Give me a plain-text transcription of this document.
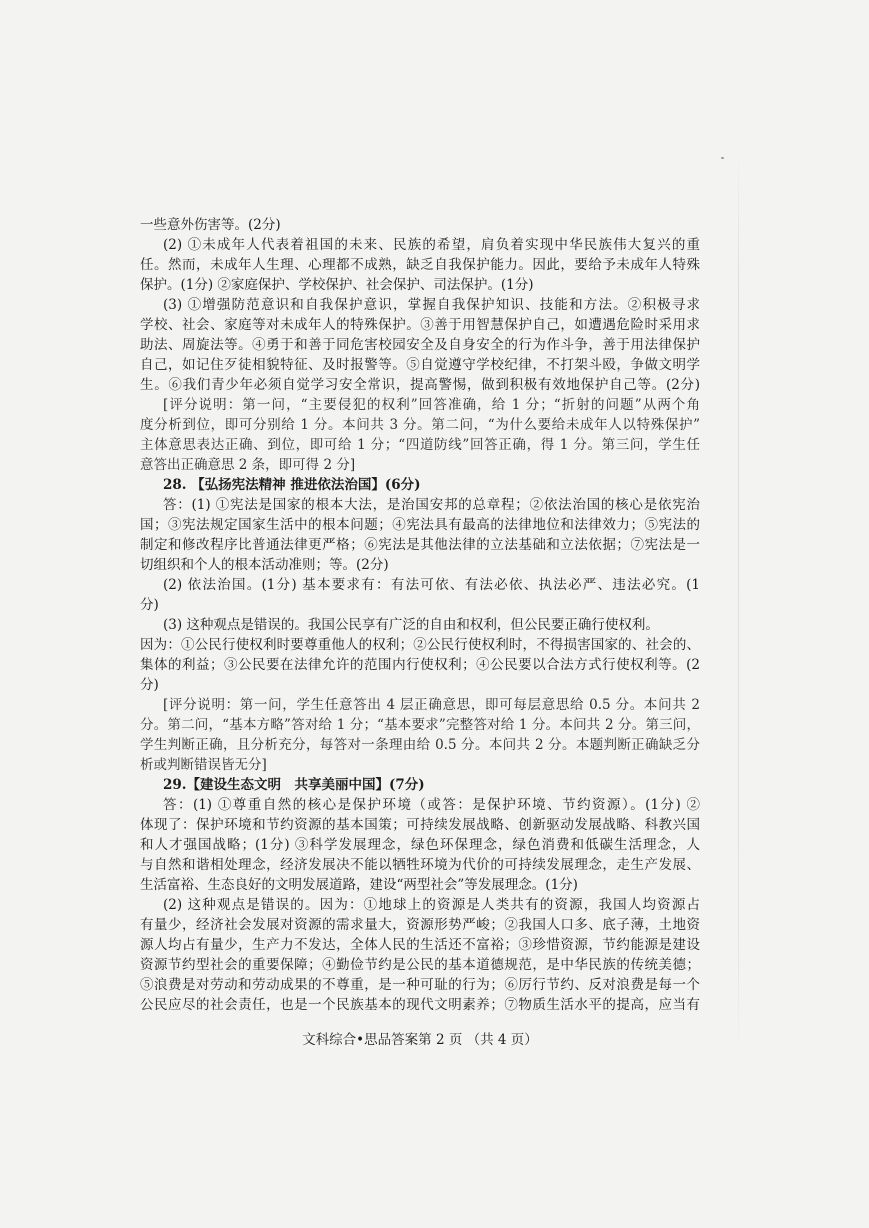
一些意外伤害等。(2分)
(2) ①未成年人代表着祖国的未来、民族的希望，肩负着实现中华民族伟大复兴的重
任。然而，未成年人生理、心理都不成熟，缺乏自我保护能力。因此，要给予未成年人特殊
保护。(1分) ②家庭保护、学校保护、社会保护、司法保护。(1分)
(3) ①增强防范意识和自我保护意识，掌握自我保护知识、技能和方法。②积极寻求
学校、社会、家庭等对未成年人的特殊保护。③善于用智慧保护自己，如遭遇危险时采用求
助法、周旋法等。④勇于和善于同危害校园安全及自身安全的行为作斗争，善于用法律保护
自己，如记住歹徒相貌特征、及时报警等。⑤自觉遵守学校纪律，不打架斗殴，争做文明学
生。⑥我们青少年必须自觉学习安全常识，提高警惕，做到积极有效地保护自己等。(2分)
[评分说明：第一问，“主要侵犯的权利”回答准确，给 1 分；“折射的问题”从两个角
度分析到位，即可分别给 1 分。本问共 3 分。第二问，“为什么要给未成年人以特殊保护”
主体意思表达正确、到位，即可给 1 分；“四道防线”回答正确，得 1 分。第三问，学生任
意答出正确意思 2 条，即可得 2 分]
28. 【弘扬宪法精神 推进依法治国】(6分)
答：(1) ①宪法是国家的根本大法，是治国安邦的总章程；②依法治国的核心是依宪治
国；③宪法规定国家生活中的根本问题；④宪法具有最高的法律地位和法律效力；⑤宪法的
制定和修改程序比普通法律更严格；⑥宪法是其他法律的立法基础和立法依据；⑦宪法是一
切组织和个人的根本活动准则；等。(2分)
(2) 依法治国。(1分) 基本要求有：有法可依、有法必依、执法必严、违法必究。(1
分)
(3) 这种观点是错误的。我国公民享有广泛的自由和权利，但公民要正确行使权利。
因为：①公民行使权利时要尊重他人的权利；②公民行使权利时，不得损害国家的、社会的、
集体的利益；③公民要在法律允许的范围内行使权利；④公民要以合法方式行使权利等。(2
分)
[评分说明：第一问，学生任意答出 4 层正确意思，即可每层意思给 0.5 分。本问共 2
分。第二问，“基本方略”答对给 1 分；“基本要求”完整答对给 1 分。本问共 2 分。第三问，
学生判断正确，且分析充分，每答对一条理由给 0.5 分。本问共 2 分。本题判断正确缺乏分
析或判断错误皆无分]
29.【建设生态文明　共享美丽中国】(7分)
答：(1) ①尊重自然的核心是保护环境（或答：是保护环境、节约资源）。(1分) ②
体现了：保护环境和节约资源的基本国策；可持续发展战略、创新驱动发展战略、科教兴国
和人才强国战略；(1分) ③科学发展理念，绿色环保理念，绿色消费和低碳生活理念，人
与自然和谐相处理念，经济发展决不能以牺牲环境为代价的可持续发展理念，走生产发展、
生活富裕、生态良好的文明发展道路，建设“两型社会”等发展理念。(1分)
(2) 这种观点是错误的。因为：①地球上的资源是人类共有的资源，我国人均资源占
有量少，经济社会发展对资源的需求量大，资源形势严峻；②我国人口多、底子薄，土地资
源人均占有量少，生产力不发达，全体人民的生活还不富裕；③珍惜资源，节约能源是建设
资源节约型社会的重要保障；④勤俭节约是公民的基本道德规范，是中华民族的传统美德；
⑤浪费是对劳动和劳动成果的不尊重，是一种可耻的行为；⑥厉行节约、反对浪费是每一个
公民应尽的社会责任，也是一个民族基本的现代文明素养；⑦物质生活水平的提高，应当有
文科综合•思品答案第 2 页 （共 4 页）
